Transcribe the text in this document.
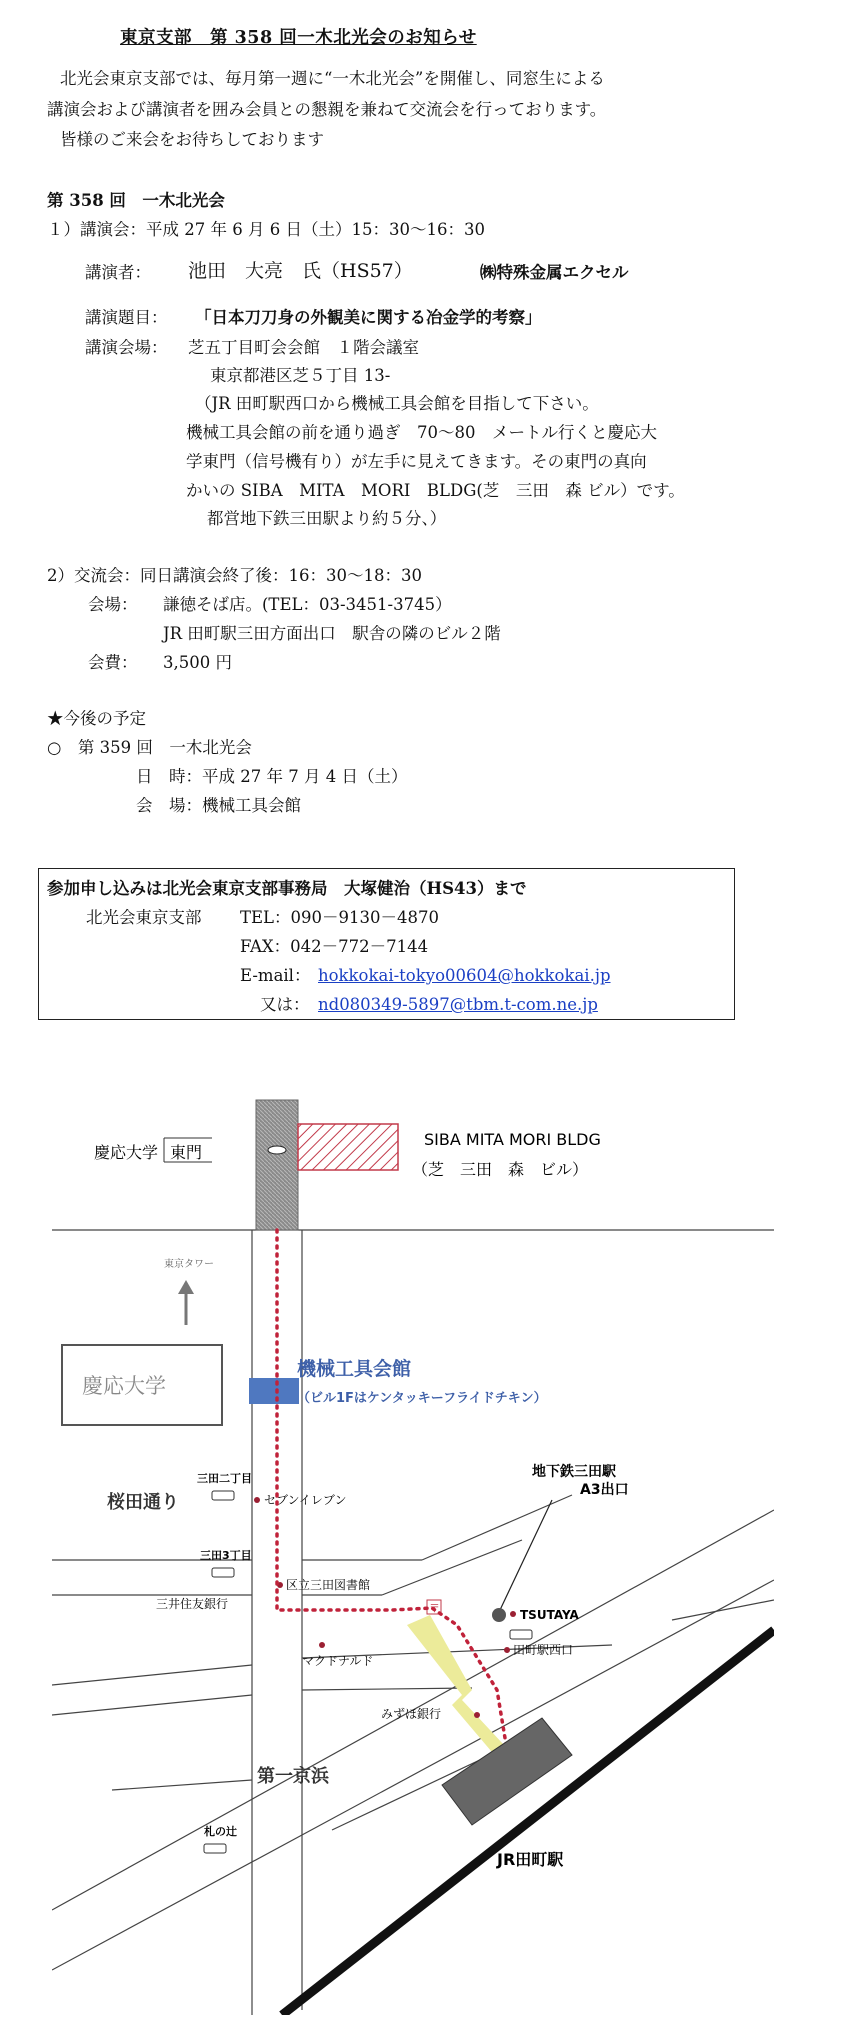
東京支部　第 358 回一木北光会のお知らせ
北光会東京支部では、毎月第一週に“一木北光会”を開催し、同窓生による
講演会および講演者を囲み会員との懇親を兼ねて交流会を行っております。
皆様のご来会をお待ちしております
第 358 回　一木北光会
１）講演会：平成 27 年 6 月 6 日（土）15：30〜16：30
講演者： 池田　大亮　氏（HS57）	㈱特殊金属エクセル
講演題目： 「日本刀刀身の外観美に関する冶金学的考察」
講演会場： 芝五丁目町会会館　１階会議室
東京都港区芝５丁目 13-
（JR 田町駅西口から機械工具会館を目指して下さい。
機械工具会館の前を通り過ぎ　70〜80　メートル行くと慶応大
学東門（信号機有り）が左手に見えてきます。その東門の真向
かいの SIBA　MITA　MORI　BLDG(芝　三田　森 ビル）です。
都営地下鉄三田駅より約５分、）
2）交流会：同日講演会終了後：16：30〜18：30
会場： 謙徳そば店。(TEL：03-3451-3745）
JR 田町駅三田方面出口　駅舎の隣のビル２階
会費： 3,500 円
★今後の予定
○　第 359 回　一木北光会
日　時：平成 27 年 7 月 4 日（土）
会　場：機械工具会館
参加申し込みは北光会東京支部事務局　大塚健治（HS43）まで
北光会東京支部 TEL：090－9130－4870
FAX：042－772－7144
E-mail： hokkokai-tokyo00604@hokkokai.jp
又は： nd080349-5897@tbm.t-com.ne.jp
慶応大学 東門
SIBA MITA MORI BLDG
（芝　三田　森　ビル）
東京タワー
慶応大学
機械工具会館
（ビル1Fはケンタッキーフライドチキン）
桜田通り
三田二丁目
セブンイレブン
地下鉄三田駅
A3出口
三田3丁目
区立三田図書館
三井住友銀行	〒	TSUTAYA
マクドナルド
田町駅西口
みずほ銀行
第一京浜
札の辻
JR田町駅
